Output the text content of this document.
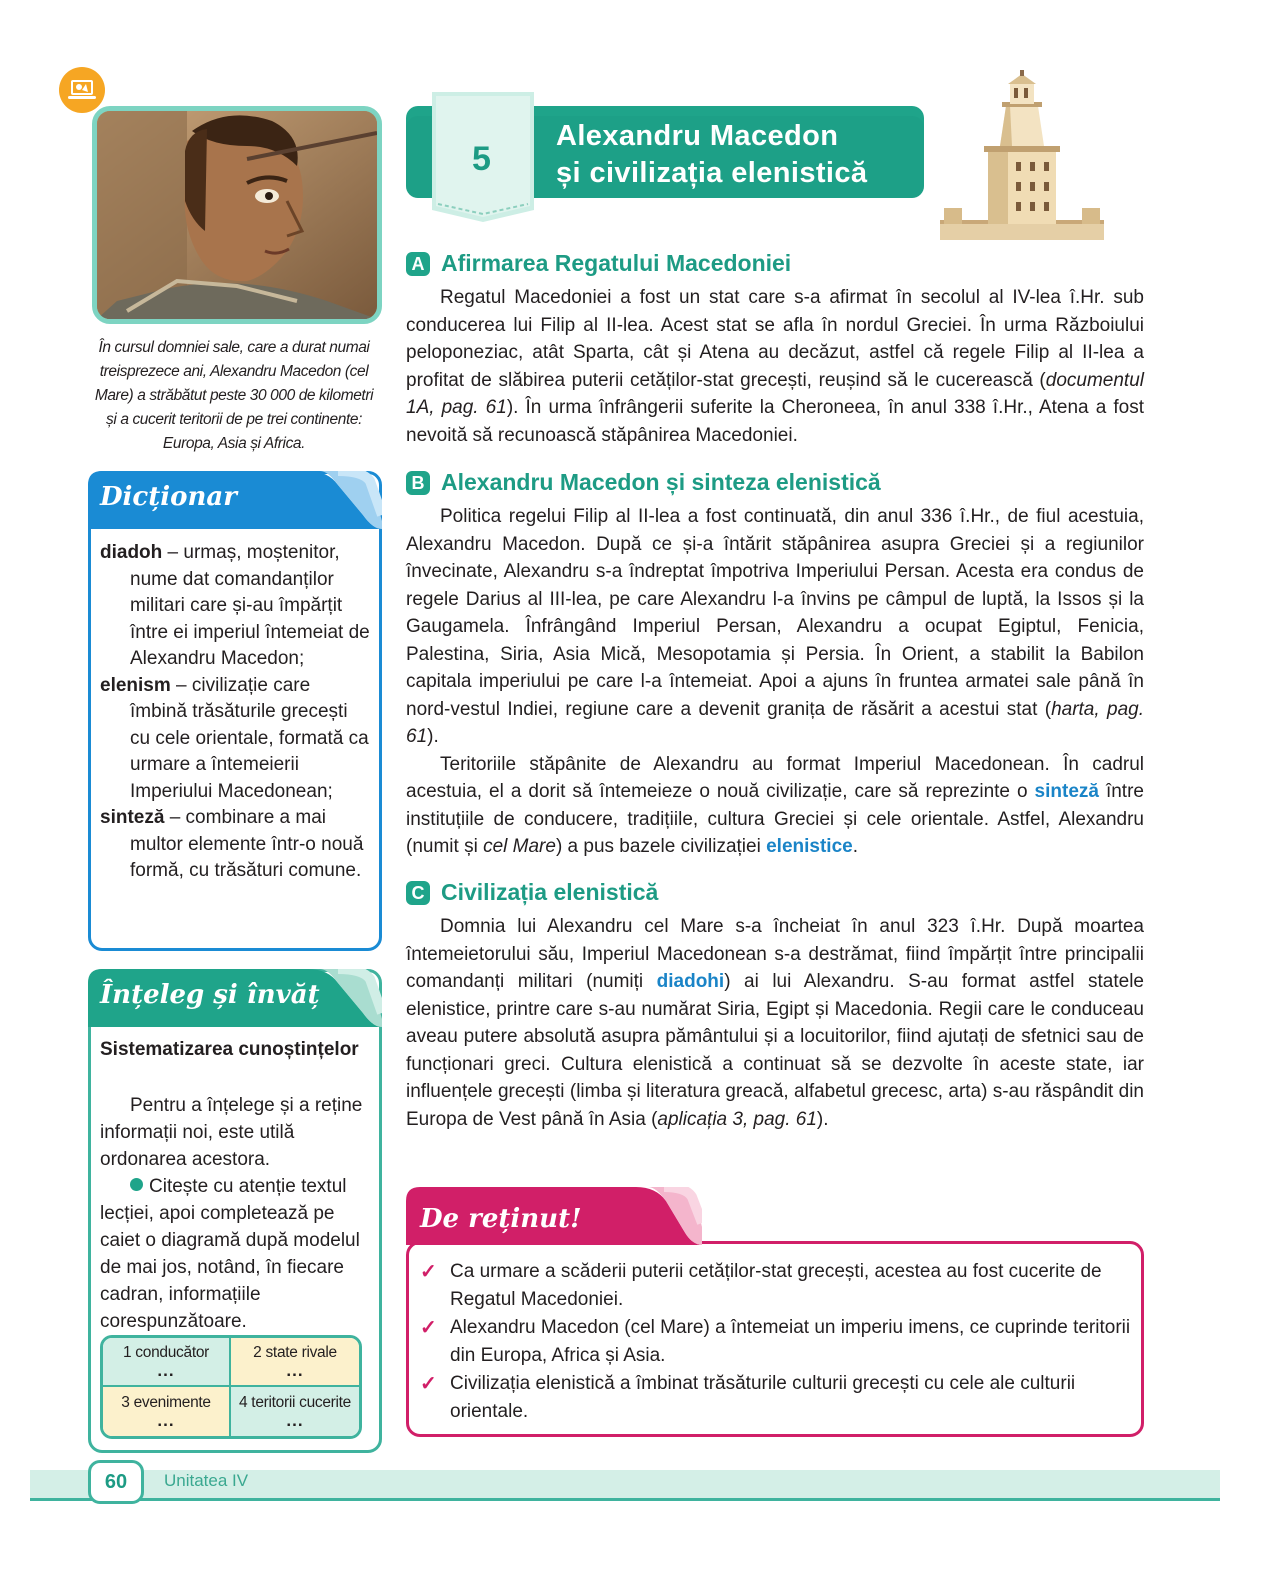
În cursul domniei sale, care a durat numai treisprezece ani, Alexandru Macedon (cel Mare) a străbătut peste 30 000 de kilometri și a cucerit teritorii de pe trei continente: Europa, Asia și Africa.
Dicționar

diadoh – urmaș, moștenitor, nume dat comandanților militari care și-au împărțit între ei imperiul întemeiat de Alexandru Macedon;

elenism – civilizație care îmbină trăsăturile grecești cu cele orientale, formată ca urmare a întemeierii Imperiului Macedonean;

sinteză – combinare a mai multor elemente într-o nouă formă, cu trăsături comune.

Înțeleg și învăț
Sistematizarea cunoștințelor

Pentru a înțelege și a reține informații noi, este utilă ordonarea acestora.

Citește cu atenție textul lecției, apoi completează pe caiet o diagramă după modelul de mai jos, notând, în fiecare cadran, informațiile corespunzătoare.

1 conducător
...
2 state rivale
...
3 evenimente
...
4 teritorii cucerite
...
5
Alexandru Macedon
și civilizația elenistică
A Afirmarea Regatului Macedoniei

Regatul Macedoniei a fost un stat care s-a afirmat în secolul al IV-lea î.Hr. sub conducerea lui Filip al II-lea. Acest stat se afla în nordul Greciei. În urma Războiului peloponeziac, atât Sparta, cât și Atena au decăzut, astfel că regele Filip al II-lea a profitat de slăbirea puterii cetăților-stat grecești, reușind să le cucerească (documentul 1A, pag. 61). În urma înfrângerii suferite la Cheroneea, în anul 338 î.Hr., Atena a fost nevoită să recunoască stăpânirea Macedoniei.

B Alexandru Macedon și sinteza elenistică

Politica regelui Filip al II-lea a fost continuată, din anul 336 î.Hr., de fiul acestuia, Alexandru Macedon. După ce și-a întărit stăpânirea asupra Greciei și a regiunilor învecinate, Alexandru s-a îndreptat împotriva Imperiului Persan. Acesta era condus de regele Darius al III-lea, pe care Alexandru l-a învins pe câmpul de luptă, la Issos și la Gaugamela. Înfrângând Imperiul Persan, Alexandru a ocupat Egiptul, Fenicia, Palestina, Siria, Asia Mică, Mesopotamia și Persia. În Orient, a stabilit la Babilon capitala imperiului pe care l-a întemeiat. Apoi a ajuns în fruntea armatei sale până în nord-vestul Indiei, regiune care a devenit granița de răsărit a acestui stat (harta, pag. 61).

Teritoriile stăpânite de Alexandru au format Imperiul Macedonean. În cadrul acestuia, el a dorit să întemeieze o nouă civilizație, care să reprezinte o sinteză între instituțiile de conducere, tradițiile, cultura Greciei și cele orientale. Astfel, Alexandru (numit și cel Mare) a pus bazele civilizației elenistice.

C Civilizația elenistică

Domnia lui Alexandru cel Mare s-a încheiat în anul 323 î.Hr. După moartea întemeietorului său, Imperiul Macedonean s-a destrămat, fiind împărțit între principalii comandanți militari (numiți diadohi) ai lui Alexandru. S-au format astfel statele elenistice, printre care s-au numărat Siria, Egipt și Macedonia. Regii care le conduceau aveau putere absolută asupra pământului și a locuitorilor, fiind ajutați de sfetnici sau de funcționari greci. Cultura elenistică a continuat să se dezvolte în aceste state, iar influențele grecești (limba și literatura greacă, alfabetul grecesc, arta) s-au răspândit din Europa de Vest până în Asia (aplicația 3, pag. 61).

De reținut!

✓ Ca urmare a scăderii puterii cetăților-stat grecești, acestea au fost cucerite de Regatul Macedoniei.

✓ Alexandru Macedon (cel Mare) a întemeiat un imperiu imens, ce cuprinde teritorii din Europa, Africa și Asia.

✓ Civilizația elenistică a îmbinat trăsăturile culturii grecești cu cele ale culturii orientale.

60	Unitatea IV
